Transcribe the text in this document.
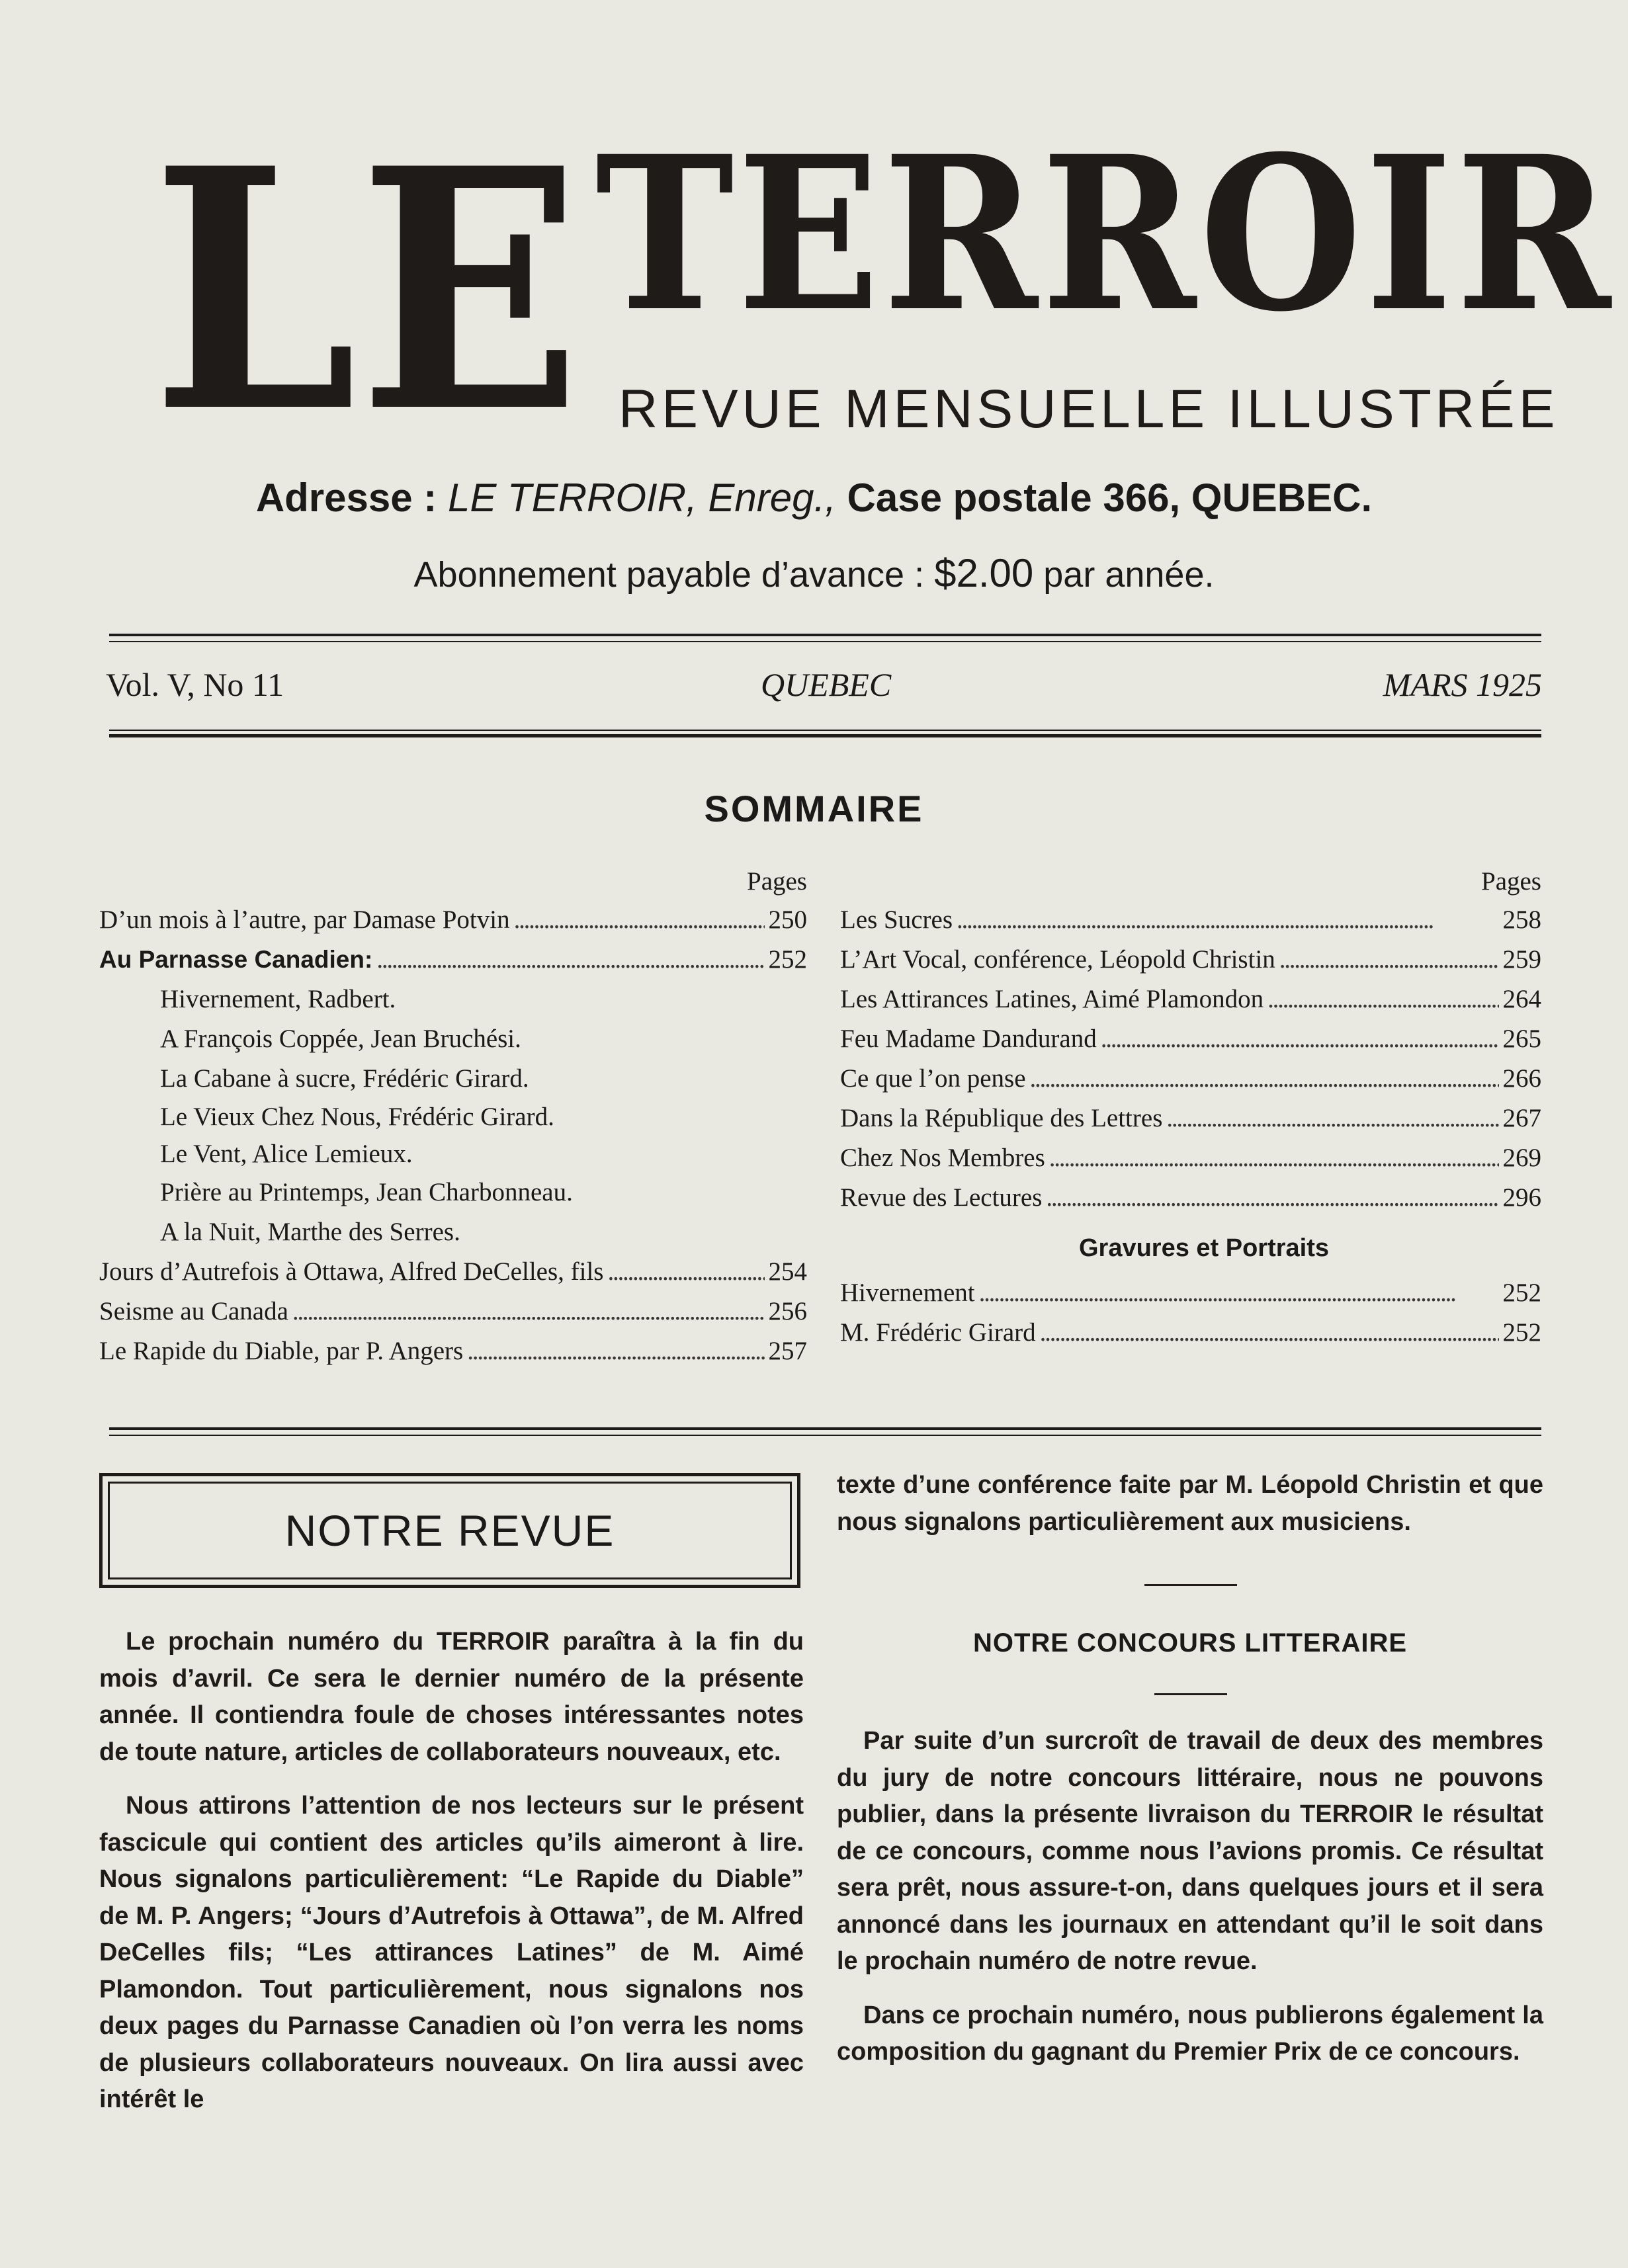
LE TERROIR
REVUE MENSUELLE ILLUSTRÉE
Adresse : LE TERROIR, Enreg., Case postale 366, QUEBEC.
Abonnement payable d’avance : $2.00 par année.
Vol. V, No 11	QUEBEC	MARS 1925
SOMMAIRE
Pages
D’un mois à l’autre, par Damase Potvin . . .	250
Au Parnasse Canadien: . . .	252
Hivernement, Radbert.
A François Coppée, Jean Bruchési.
La Cabane à sucre, Frédéric Girard.
Le Vieux Chez Nous, Frédéric Girard.
Le Vent, Alice Lemieux.
Prière au Printemps, Jean Charbonneau.
A la Nuit, Marthe des Serres.
Jours d’Autrefois à Ottawa, Alfred DeCelles, fils . . .	254
Seisme au Canada . . .	256
Le Rapide du Diable, par P. Angers . . .	257
Pages
Les Sucres . . .	258
L’Art Vocal, conférence, Léopold Christin . . .	259
Les Attirances Latines, Aimé Plamondon . . .	264
Feu Madame Dandurand . . .	265
Ce que l’on pense . . .	266
Dans la République des Lettres . . .	267
Chez Nos Membres . . .	269
Revue des Lectures . . .	296
Gravures et Portraits
Hivernement . . .	252
M. Frédéric Girard . . .	252
NOTRE REVUE

Le prochain numéro du TERROIR paraîtra à la fin du mois d’avril. Ce sera le dernier numéro de la présente année. Il contiendra foule de choses intéressantes notes de toute nature, articles de collaborateurs nouveaux, etc.

Nous attirons l’attention de nos lecteurs sur le présent fascicule qui contient des articles qu’ils aimeront à lire. Nous signalons particulièrement: “Le Rapide du Diable” de M. P. Angers; “Jours d’Autrefois à Ottawa”, de M. Alfred DeCelles fils; “Les attirances Latines” de M. Aimé Plamondon. Tout particulièrement, nous signalons nos deux pages du Parnasse Canadien où l’on verra les noms de plusieurs collaborateurs nouveaux. On lira aussi avec intérêt le

texte d’une conférence faite par M. Léopold Christin et que nous signalons particulièrement aux musiciens.

NOTRE CONCOURS LITTERAIRE

Par suite d’un surcroît de travail de deux des membres du jury de notre concours littéraire, nous ne pouvons publier, dans la présente livraison du TERROIR le résultat de ce concours, comme nous l’avions promis. Ce résultat sera prêt, nous assure-t-on, dans quelques jours et il sera annoncé dans les journaux en attendant qu’il le soit dans le prochain numéro de notre revue.

Dans ce prochain numéro, nous publierons également la composition du gagnant du Premier Prix de ce concours.
